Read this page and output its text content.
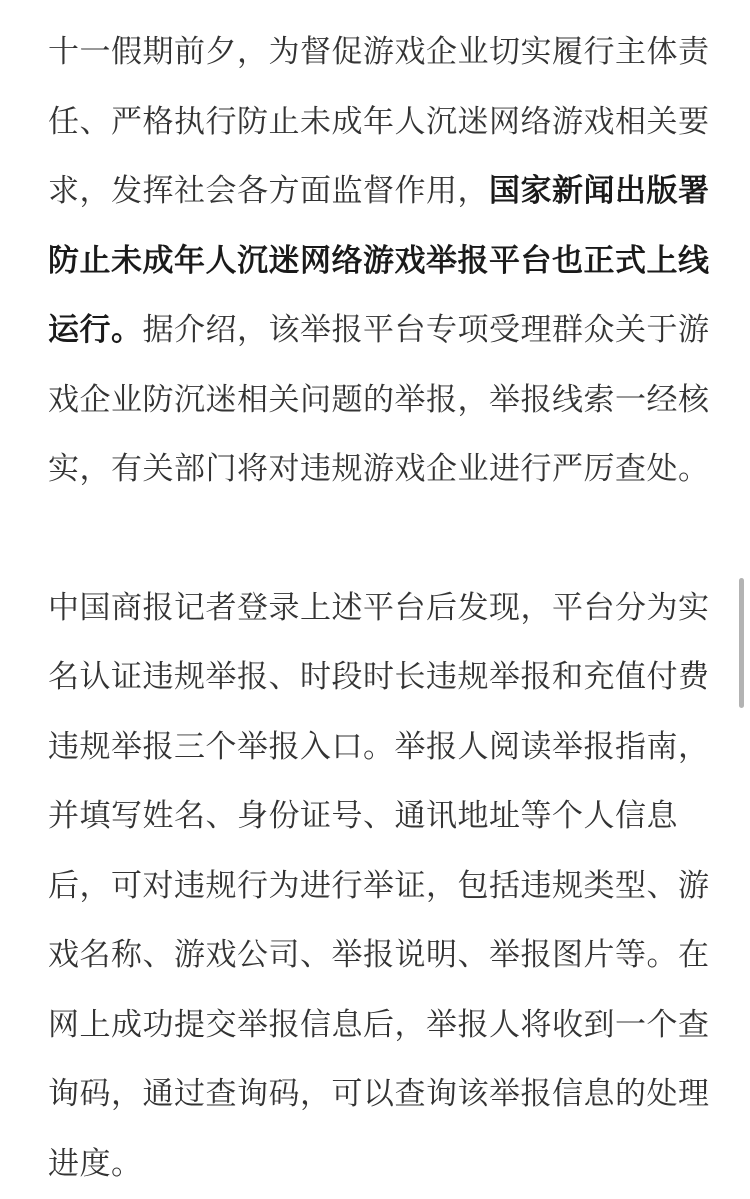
十一假期前夕，为督促游戏企业切实履行主体责
任、严格执行防止未成年人沉迷网络游戏相关要
求，发挥社会各方面监督作用，国家新闻出版署
防止未成年人沉迷网络游戏举报平台也正式上线
运行。据介绍，该举报平台专项受理群众关于游
戏企业防沉迷相关问题的举报，举报线索一经核
实，有关部门将对违规游戏企业进行严厉查处。
中国商报记者登录上述平台后发现，平台分为实
名认证违规举报、时段时长违规举报和充值付费
违规举报三个举报入口。举报人阅读举报指南，
并填写姓名、身份证号、通讯地址等个人信息
后，可对违规行为进行举证，包括违规类型、游
戏名称、游戏公司、举报说明、举报图片等。在
网上成功提交举报信息后，举报人将收到一个查
询码，通过查询码，可以查询该举报信息的处理
进度。
